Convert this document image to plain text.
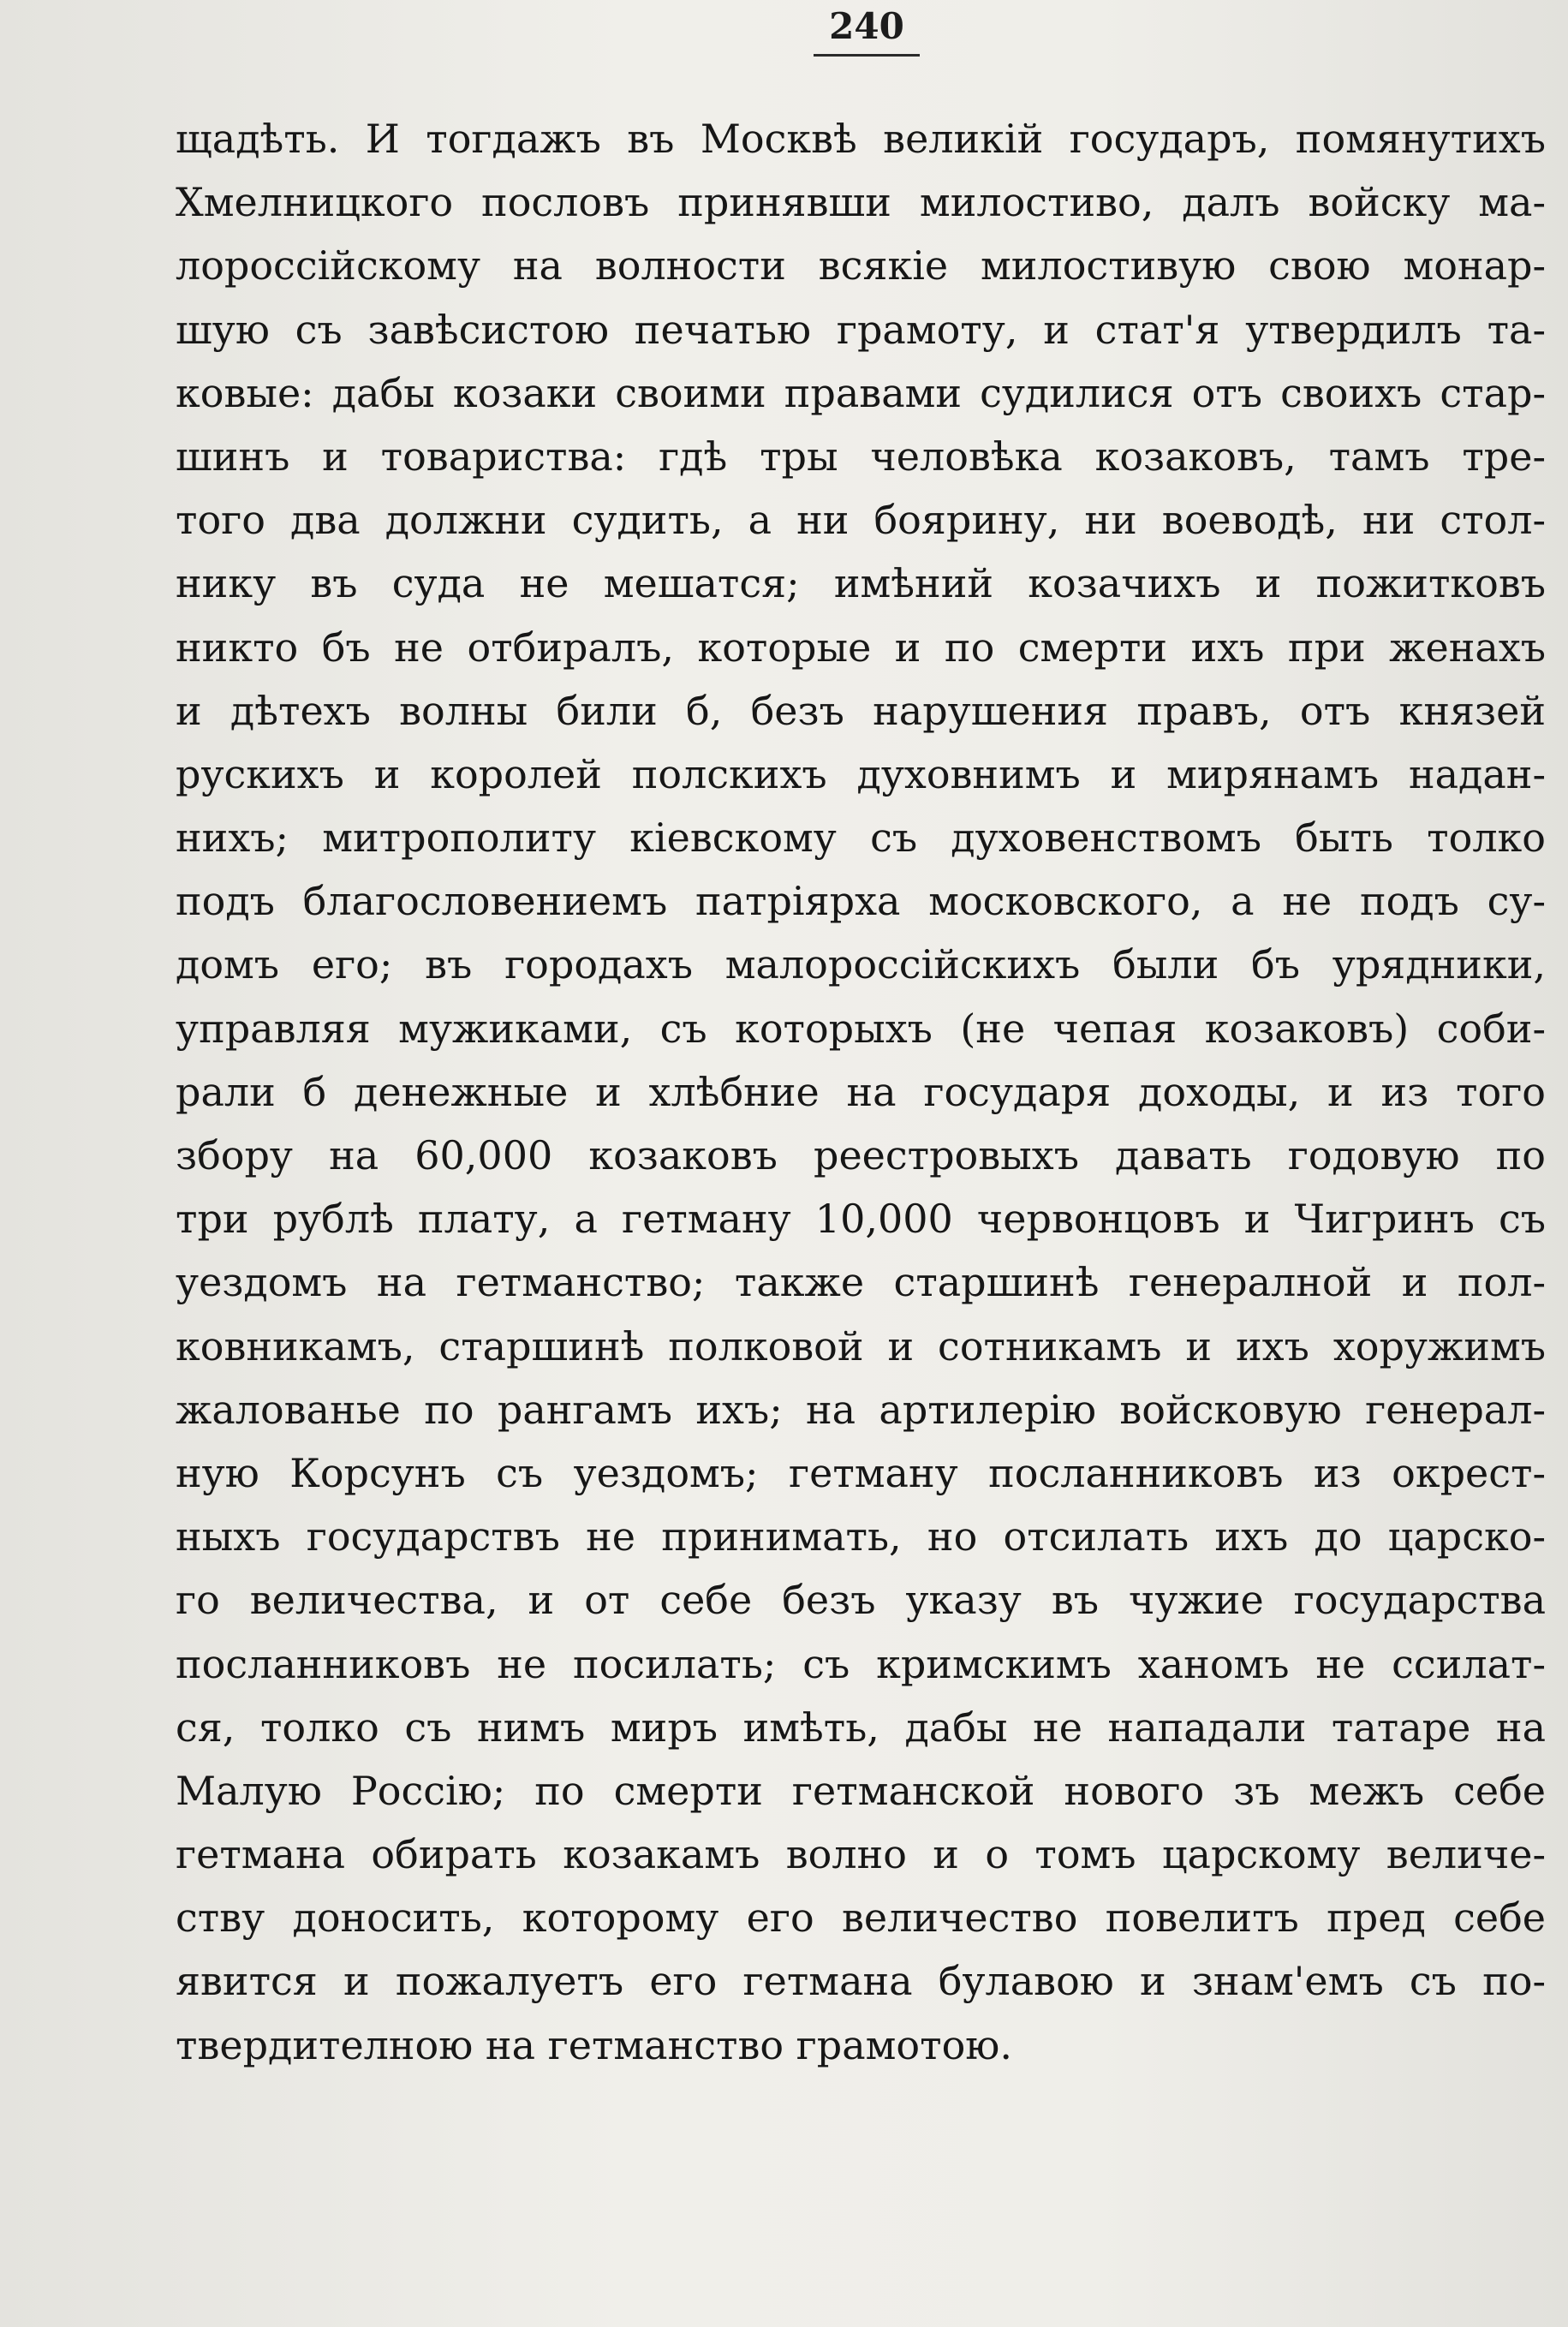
240
щадѣть. И тогдажъ въ Москвѣ великій государъ, помянутихъ
Хмелницкого пословъ принявши милостиво, далъ войску ма-
лороссійскому на волности всякіе милостивую свою монар-
шую съ завѣсистою печатью грамоту, и стат'я утвердилъ та-
ковые: дабы козаки своими правами судилися отъ своихъ стар-
шинъ и товариства: гдѣ тры человѣка козаковъ, тамъ тре-
того два должни судить, а ни боярину, ни воеводѣ, ни стол-
нику въ суда не мешатся; имѣний козачихъ и пожитковъ
никто бъ не отбиралъ, которые и по смерти ихъ при женахъ
и дѣтехъ волны били б, безъ нарушения правъ, отъ князей
рускихъ и королей полскихъ духовнимъ и мирянамъ надан-
нихъ; митрополиту кіевскому съ духовенствомъ быть толко
подъ благословениемъ патріярха московского, а не подъ су-
домъ его; въ городахъ малороссійскихъ были бъ урядники,
управляя мужиками, съ которыхъ (не чепая козаковъ) соби-
рали б денежные и хлѣбние на государя доходы, и из того
збору на 60,000 козаковъ реестровыхъ давать годовую по
три рублѣ плату, а гетману 10,000 червонцовъ и Чигринъ съ
уездомъ на гетманство; также старшинѣ генералной и пол-
ковникамъ, старшинѣ полковой и сотникамъ и ихъ хоружимъ
жалованье по рангамъ ихъ; на артилерію войсковую генерал-
ную Корсунъ съ уездомъ; гетману посланниковъ из окрест-
ныхъ государствъ не принимать, но отсилать ихъ до царско-
го величества, и от себе безъ указу въ чужие государства
посланниковъ не посилать; съ кримскимъ ханомъ не ссилат-
ся, толко съ нимъ миръ имѣть, дабы не нападали татаре на
Малую Россію; по смерти гетманской нового зъ межъ себе
гетмана обирать козакамъ волно и о томъ царскому величе-
ству доносить, которому его величество повелитъ пред себе
явится и пожалуетъ его гетмана булавою и знам'емъ съ по-
твердителною на гетманство грамотою.
